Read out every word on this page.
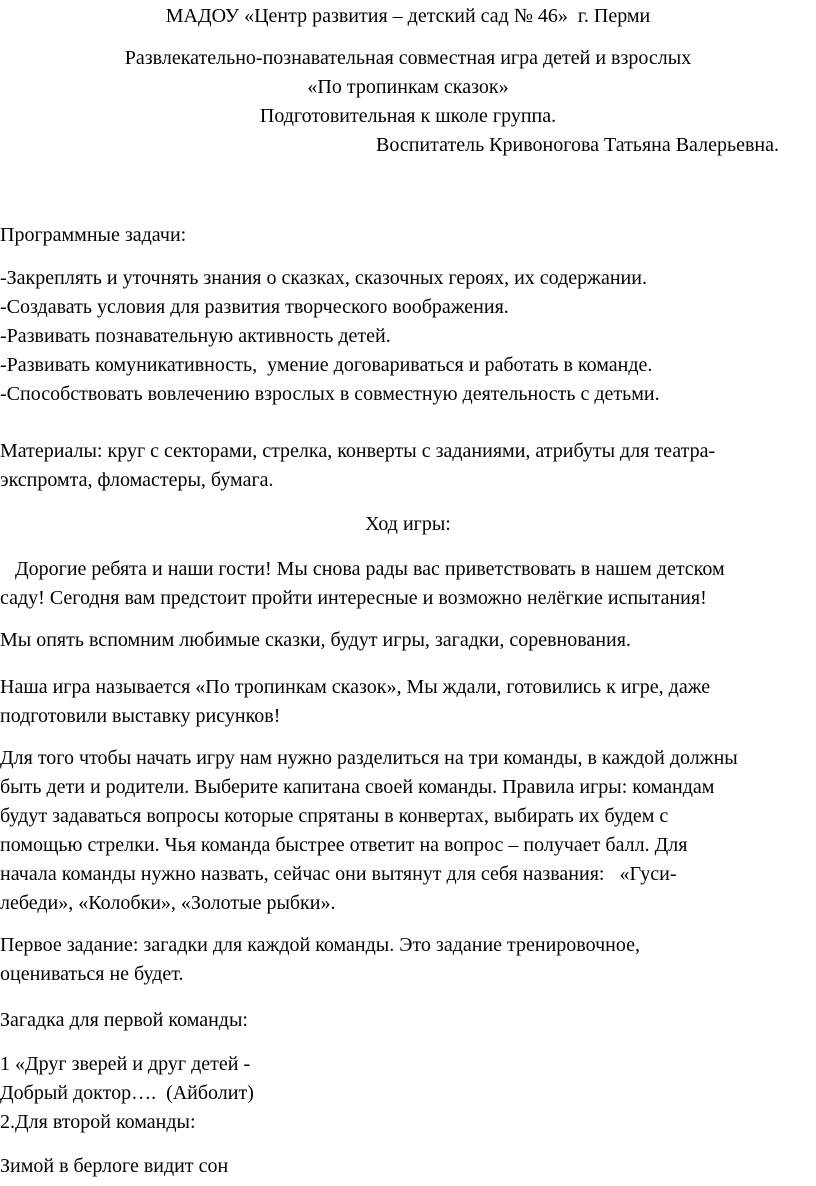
МАДОУ «Центр развития – детский сад № 46»  г. Перми

Развлекательно-познавательная совместная игра детей и взрослых

«По тропинкам сказок»

Подготовительная к школе группа.

Воспитатель Кривоногова Татьяна Валерьевна.

Программные задачи:

-Закреплять и уточнять знания о сказках, сказочных героях, их содержании.

-Создавать условия для развития творческого воображения.

-Развивать познавательную активность детей.

-Развивать комуникативность,  умение договариваться и работать в команде.

-Способствовать вовлечению взрослых в совместную деятельность с детьми.

Материалы: круг с секторами, стрелка, конверты с заданиями, атрибуты для театра-

экспромта, фломастеры, бумага.

Ход игры:

Дорогие ребята и наши гости! Мы снова рады вас приветствовать в нашем детском

саду! Сегодня вам предстоит пройти интересные и возможно нелёгкие испытания!

Мы опять вспомним любимые сказки, будут игры, загадки, соревнования.

Наша игра называется «По тропинкам сказок», Мы ждали, готовились к игре, даже

подготовили выставку рисунков!

Для того чтобы начать игру нам нужно разделиться на три команды, в каждой должны

быть дети и родители. Выберите капитана своей команды. Правила игры: командам

будут задаваться вопросы которые спрятаны в конвертах, выбирать их будем с

помощью стрелки. Чья команда быстрее ответит на вопрос – получает балл. Для

начала команды нужно назвать, сейчас они вытянут для себя названия:   «Гуси-

лебеди», «Колобки», «Золотые рыбки».

Первое задание: загадки для каждой команды. Это задание тренировочное,

оцениваться не будет.

Загадка для первой команды:

1 «Друг зверей и друг детей -

Добрый доктор….  (Айболит)

2.Для второй команды:

Зимой в берлоге видит сон
